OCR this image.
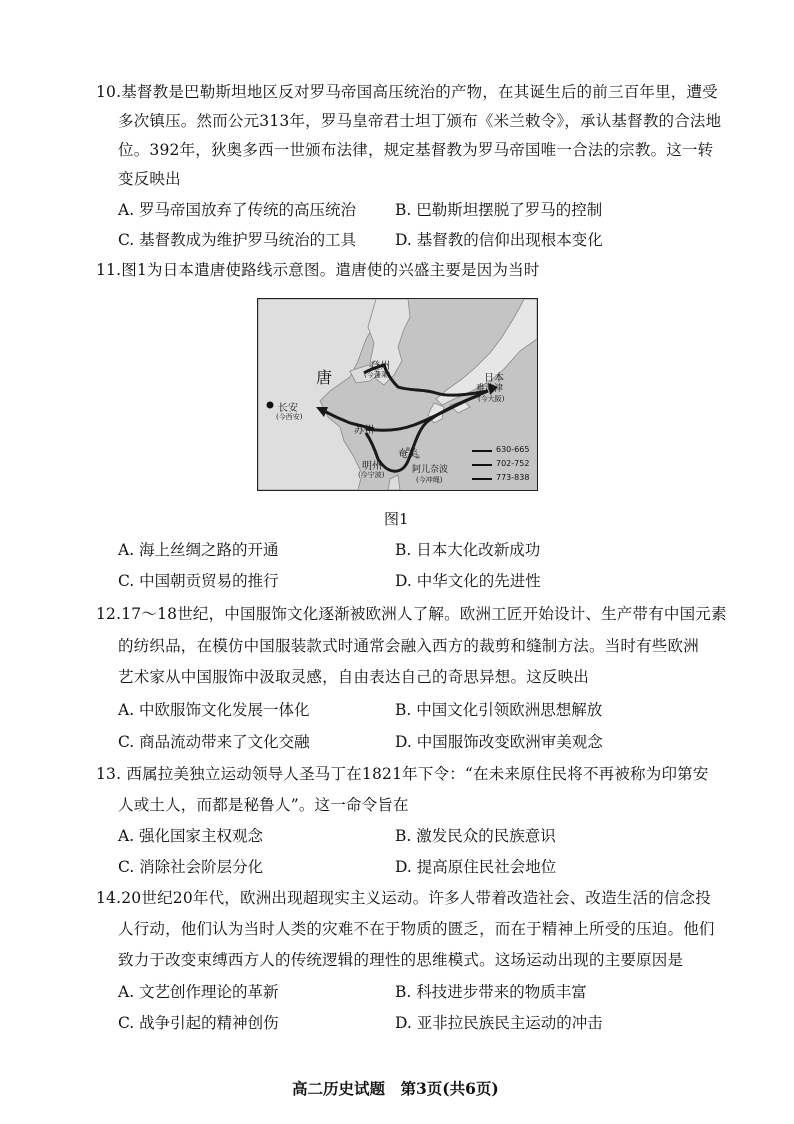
10.基督教是巴勒斯坦地区反对罗马帝国高压统治的产物，在其诞生后的前三百年里，遭受
多次镇压。然而公元313年，罗马皇帝君士坦丁颁布《米兰敕令》，承认基督教的合法地
位。392年，狄奥多西一世颁布法律，规定基督教为罗马帝国唯一合法的宗教。这一转
变反映出
A. 罗马帝国放弃了传统的高压统治	B. 巴勒斯坦摆脱了罗马的控制
C. 基督教成为维护罗马统治的工具	D. 基督教的信仰出现根本变化
11.图1为日本遣唐使路线示意图。遣唐使的兴盛主要是因为当时
唐
登州
(今蓬莱)
长安
(今西安)
日本
难波津
(今大阪)
苏州
明州
(今宁波)
奄美
阿儿奈波
(今冲绳)
630-665
702-752
773-838
图1
A. 海上丝绸之路的开通	B. 日本大化改新成功
C. 中国朝贡贸易的推行	D. 中华文化的先进性
12.17～18世纪，中国服饰文化逐渐被欧洲人了解。欧洲工匠开始设计、生产带有中国元素
的纺织品，在模仿中国服装款式时通常会融入西方的裁剪和缝制方法。当时有些欧洲
艺术家从中国服饰中汲取灵感，自由表达自己的奇思异想。这反映出
A. 中欧服饰文化发展一体化	B. 中国文化引领欧洲思想解放
C. 商品流动带来了文化交融	D. 中国服饰改变欧洲审美观念
13. 西属拉美独立运动领导人圣马丁在1821年下令：“在未来原住民将不再被称为印第安
人或土人，而都是秘鲁人”。这一命令旨在
A. 强化国家主权观念	B. 激发民众的民族意识
C. 消除社会阶层分化	D. 提高原住民社会地位
14.20世纪20年代，欧洲出现超现实主义运动。许多人带着改造社会、改造生活的信念投
人行动，他们认为当时人类的灾难不在于物质的匮乏，而在于精神上所受的压迫。他们
致力于改变束缚西方人的传统逻辑的理性的思维模式。这场运动出现的主要原因是
A. 文艺创作理论的革新	B. 科技进步带来的物质丰富
C. 战争引起的精神创伤	D. 亚非拉民族民主运动的冲击
高二历史试题　第3页(共6页)
